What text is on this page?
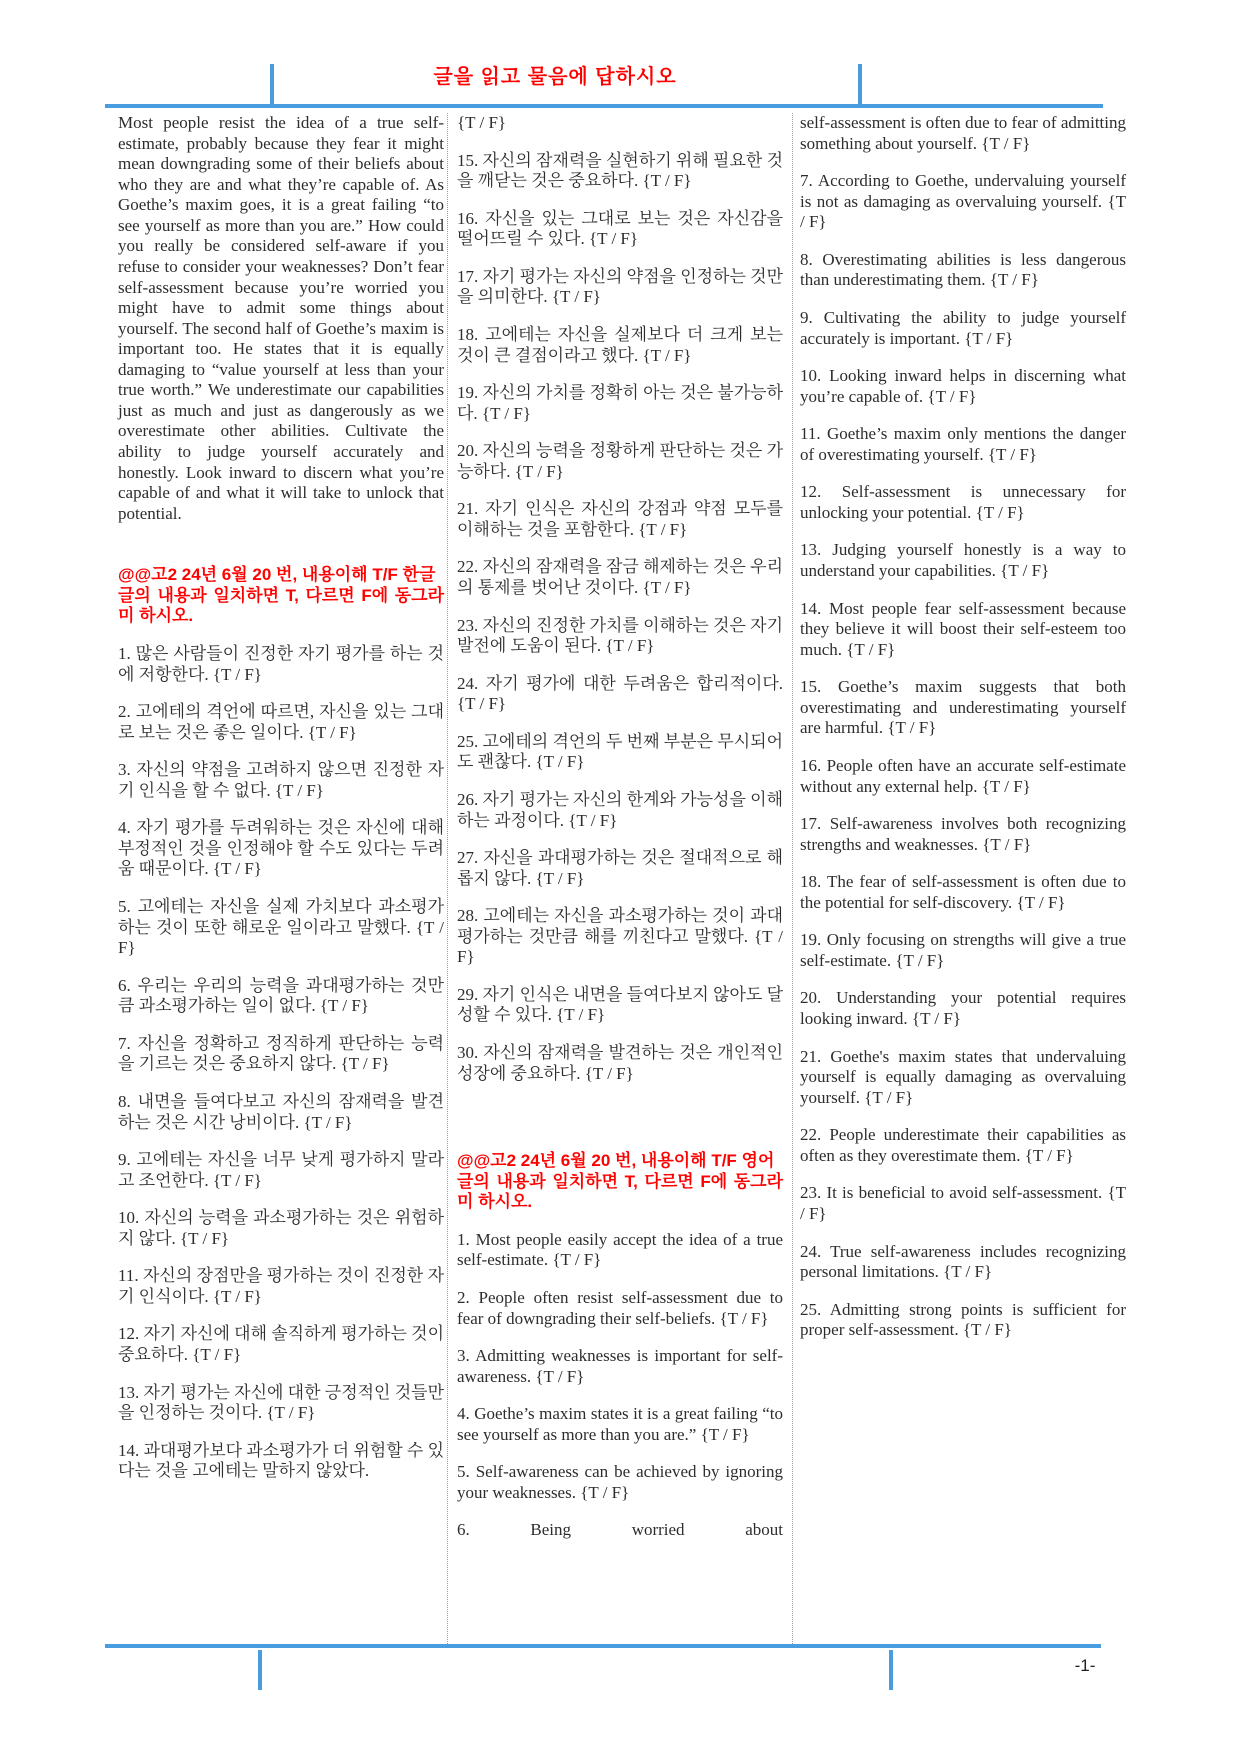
글을 읽고 물음에 답하시오
Most people resist the idea of a true self-estimate, probably because they fear it might mean downgrading some of their beliefs about who they are and what they’re capable of. As Goethe’s maxim goes, it is a great failing “to see yourself as more than you are.” How could you really be considered self-aware if you refuse to consider your weaknesses? Don’t fear self-assessment because you’re worried you might have to admit some things about yourself. The second half of Goethe’s maxim is important too. He states that it is equally damaging to “value yourself at less than your true worth.” We underestimate our capabilities just as much and just as dangerously as we overestimate other abilities. Cultivate the ability to judge yourself accurately and honestly. Look inward to discern what you’re capable of and what it will take to unlock that potential.
@@고2 24년 6월 20 번, 내용이해 T/F 한글
글의 내용과 일치하면 T, 다르면 F에 동그라미 하시오.
1. 많은 사람들이 진정한 자기 평가를 하는 것에 저항한다. {T / F}
2. 고에테의 격언에 따르면, 자신을 있는 그대로 보는 것은 좋은 일이다. {T / F}
3. 자신의 약점을 고려하지 않으면 진정한 자기 인식을 할 수 없다. {T / F}
4. 자기 평가를 두려워하는 것은 자신에 대해 부정적인 것을 인정해야 할 수도 있다는 두려움 때문이다. {T / F}
5. 고에테는 자신을 실제 가치보다 과소평가하는 것이 또한 해로운 일이라고 말했다. {T / F}
6. 우리는 우리의 능력을 과대평가하는 것만큼 과소평가하는 일이 없다. {T / F}
7. 자신을 정확하고 정직하게 판단하는 능력을 기르는 것은 중요하지 않다. {T / F}
8. 내면을 들여다보고 자신의 잠재력을 발견하는 것은 시간 낭비이다. {T / F}
9. 고에테는 자신을 너무 낮게 평가하지 말라고 조언한다. {T / F}
10. 자신의 능력을 과소평가하는 것은 위험하지 않다. {T / F}
11. 자신의 장점만을 평가하는 것이 진정한 자기 인식이다. {T / F}
12. 자기 자신에 대해 솔직하게 평가하는 것이 중요하다. {T / F}
13. 자기 평가는 자신에 대한 긍정적인 것들만을 인정하는 것이다. {T / F}
14. 과대평가보다 과소평가가 더 위험할 수 있다는 것을 고에테는 말하지 않았다.
{T / F}
15. 자신의 잠재력을 실현하기 위해 필요한 것을 깨닫는 것은 중요하다. {T / F}
16. 자신을 있는 그대로 보는 것은 자신감을 떨어뜨릴 수 있다. {T / F}
17. 자기 평가는 자신의 약점을 인정하는 것만을 의미한다. {T / F}
18. 고에테는 자신을 실제보다 더 크게 보는 것이 큰 결점이라고 했다. {T / F}
19. 자신의 가치를 정확히 아는 것은 불가능하다. {T / F}
20. 자신의 능력을 정황하게 판단하는 것은 가능하다. {T / F}
21. 자기 인식은 자신의 강점과 약점 모두를 이해하는 것을 포함한다. {T / F}
22. 자신의 잠재력을 잠금 해제하는 것은 우리의 통제를 벗어난 것이다. {T / F}
23. 자신의 진정한 가치를 이해하는 것은 자기 발전에 도움이 된다. {T / F}
24. 자기 평가에 대한 두려움은 합리적이다. {T / F}
25. 고에테의 격언의 두 번째 부분은 무시되어도 괜찮다. {T / F}
26. 자기 평가는 자신의 한계와 가능성을 이해하는 과정이다. {T / F}
27. 자신을 과대평가하는 것은 절대적으로 해롭지 않다. {T / F}
28. 고에테는 자신을 과소평가하는 것이 과대평가하는 것만큼 해를 끼친다고 말했다. {T / F}
29. 자기 인식은 내면을 들여다보지 않아도 달성할 수 있다. {T / F}
30. 자신의 잠재력을 발견하는 것은 개인적인 성장에 중요하다. {T / F}
@@고2 24년 6월 20 번, 내용이해 T/F 영어
글의 내용과 일치하면 T, 다르면 F에 동그라미 하시오.
1. Most people easily accept the idea of a true self-estimate. {T / F}
2. People often resist self-assessment due to fear of downgrading their self-beliefs. {T / F}
3. Admitting weaknesses is important for self-awareness. {T / F}
4. Goethe’s maxim states it is a great failing “to see yourself as more than you are.” {T / F}
5. Self-awareness can be achieved by ignoring your weaknesses. {T / F}
6. Being worried about
self-assessment is often due to fear of admitting something about yourself. {T / F}
7. According to Goethe, undervaluing yourself is not as damaging as overvaluing yourself. {T / F}
8. Overestimating abilities is less dangerous than underestimating them. {T / F}
9. Cultivating the ability to judge yourself accurately is important. {T / F}
10. Looking inward helps in discerning what you’re capable of. {T / F}
11. Goethe’s maxim only mentions the danger of overestimating yourself. {T / F}
12. Self-assessment is unnecessary for unlocking your potential. {T / F}
13. Judging yourself honestly is a way to understand your capabilities. {T / F}
14. Most people fear self-assessment because they believe it will boost their self-esteem too much. {T / F}
15. Goethe’s maxim suggests that both overestimating and underestimating yourself are harmful. {T / F}
16. People often have an accurate self-estimate without any external help. {T / F}
17. Self-awareness involves both recognizing strengths and weaknesses. {T / F}
18. The fear of self-assessment is often due to the potential for self-discovery. {T / F}
19. Only focusing on strengths will give a true self-estimate. {T / F}
20. Understanding your potential requires looking inward. {T / F}
21. Goethe's maxim states that undervaluing yourself is equally damaging as overvaluing yourself. {T / F}
22. People underestimate their capabilities as often as they overestimate them. {T / F}
23. It is beneficial to avoid self-assessment. {T / F}
24. True self-awareness includes recognizing personal limitations. {T / F}
25. Admitting strong points is sufficient for proper self-assessment. {T / F}
-1-
